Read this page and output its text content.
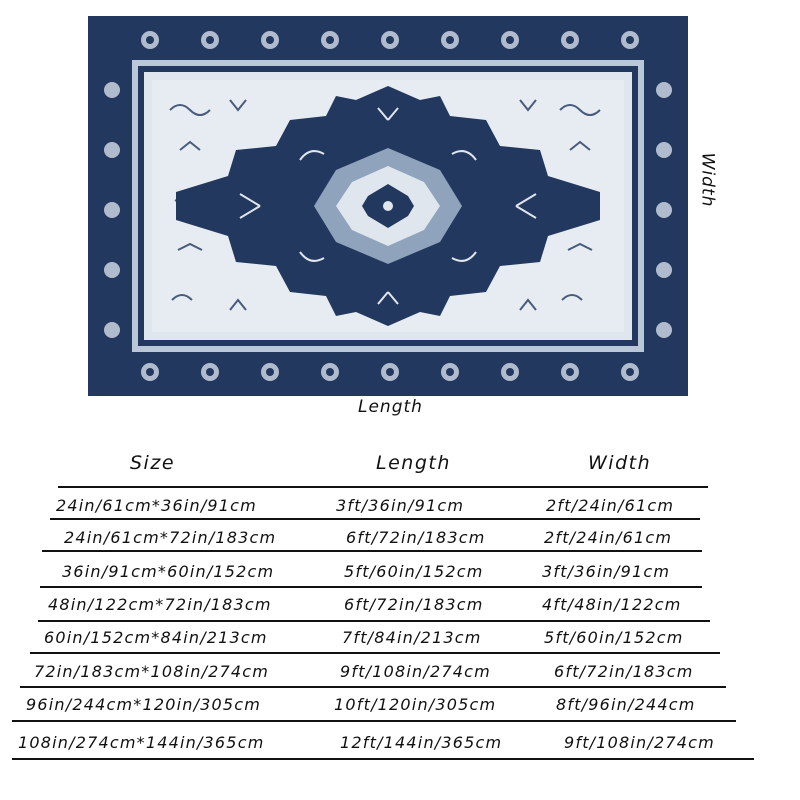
Width
Length
Size	Length	Width
24in/61cm*36in/91cm	3ft/36in/91cm	2ft/24in/61cm
24in/61cm*72in/183cm	6ft/72in/183cm	2ft/24in/61cm
36in/91cm*60in/152cm	5ft/60in/152cm	3ft/36in/91cm
48in/122cm*72in/183cm	6ft/72in/183cm	4ft/48in/122cm
60in/152cm*84in/213cm	7ft/84in/213cm	5ft/60in/152cm
72in/183cm*108in/274cm	9ft/108in/274cm	6ft/72in/183cm
96in/244cm*120in/305cm	10ft/120in/305cm	8ft/96in/244cm
108in/274cm*144in/365cm	12ft/144in/365cm	9ft/108in/274cm
